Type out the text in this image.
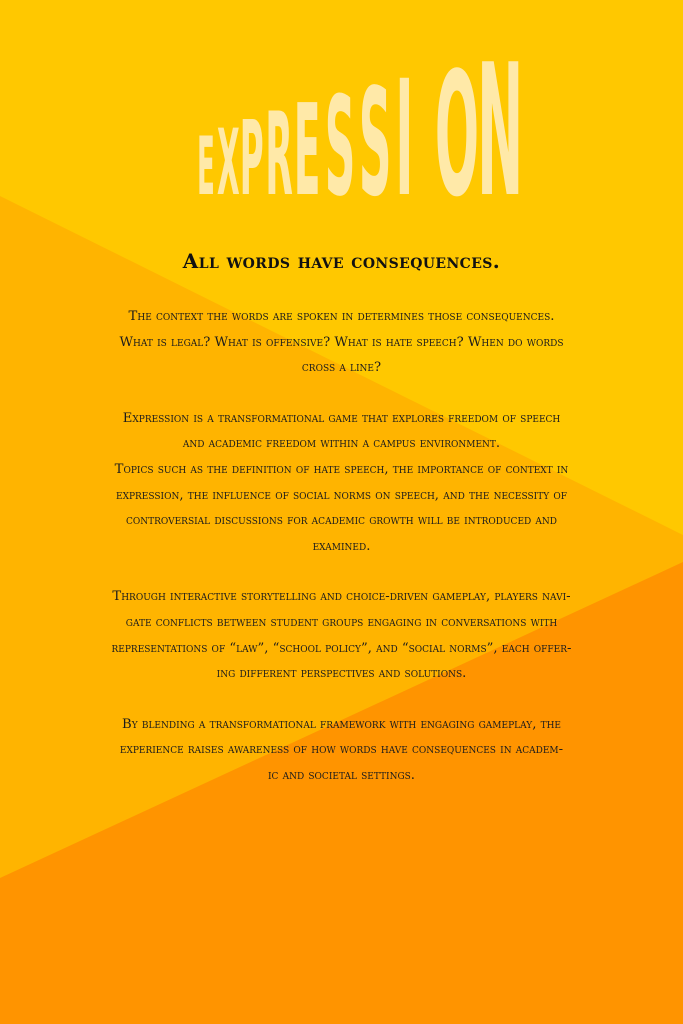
E X P R E S S I O
N
All words have consequences.

The context the words are spoken in determines those consequences.
What is legal? What is offensive? What is hate speech? When do words
cross a line?

Expression is a transformational game that explores freedom of speech
and academic freedom within a campus environment.
Topics such as the definition of hate speech, the importance of context in
expression, the influence of social norms on speech, and the necessity of
controversial discussions for academic growth will be introduced and
examined.

Through interactive storytelling and choice-driven gameplay, players navi-
gate conflicts between student groups engaging in conversations with
representations of “law”, “school policy”, and “social norms”, each offer-
ing different perspectives and solutions.

By blending a transformational framework with engaging gameplay, the
experience raises awareness of how words have consequences in academ-
ic and societal settings.
